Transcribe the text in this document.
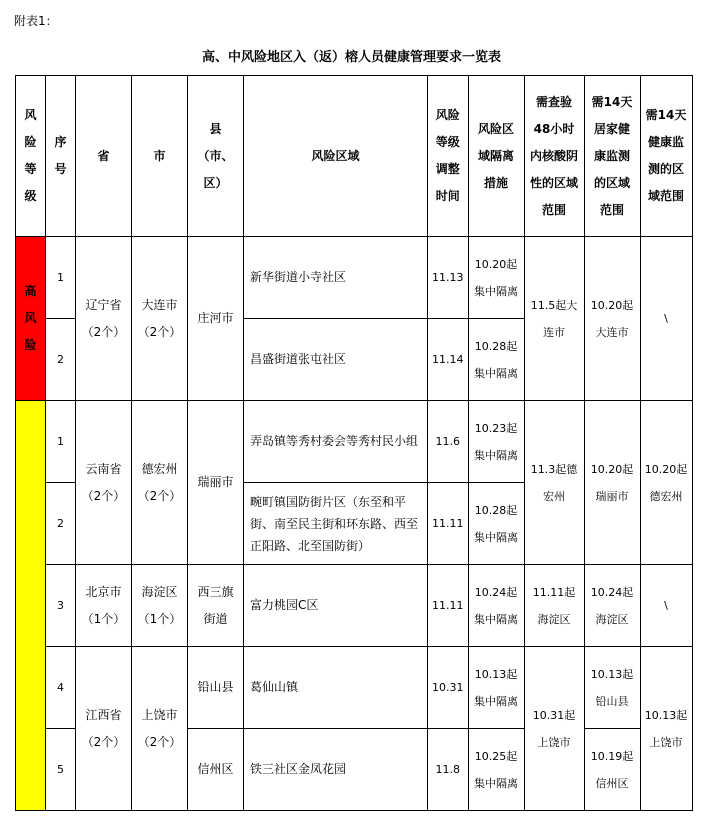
附表1：
高、中风险地区入（返）榕人员健康管理要求一览表
风险等级	序号	省	市	县（市、区）	风险区域	风险等级调整时间	风险区域隔离措施	需查验48小时内核酸阴性的区域范围	需14天居家健康监测的区域范围	需14天健康监测的区域范围
高风险	1	辽宁省（2个）	大连市（2个）	庄河市	新华街道小寺社区	11.13	10.20起集中隔离	11.5起大连市	10.20起大连市	\
	2				昌盛街道张屯社区	11.14	10.28起集中隔离			
	1	云南省（2个）	德宏州（2个）	瑞丽市	弄岛镇等秀村委会等秀村民小组	11.6	10.23起集中隔离	11.3起德宏州	10.20起瑞丽市	10.20起德宏州
	2				畹町镇国防街片区（东至和平街、南至民主街和环东路、西至正阳路、北至国防街）	11.11	10.28起集中隔离			
	3	北京市（1个）	海淀区（1个）	西三旗街道	富力桃园C区	11.11	10.24起集中隔离	11.11起海淀区	10.24起海淀区	\
	4	江西省（2个）	上饶市（2个）	铅山县	葛仙山镇	10.31	10.13起集中隔离	10.31起上饶市	10.13起铅山县	10.13起上饶市
	5			信州区	铁三社区金凤花园	11.8	10.25起集中隔离		10.19起信州区	
